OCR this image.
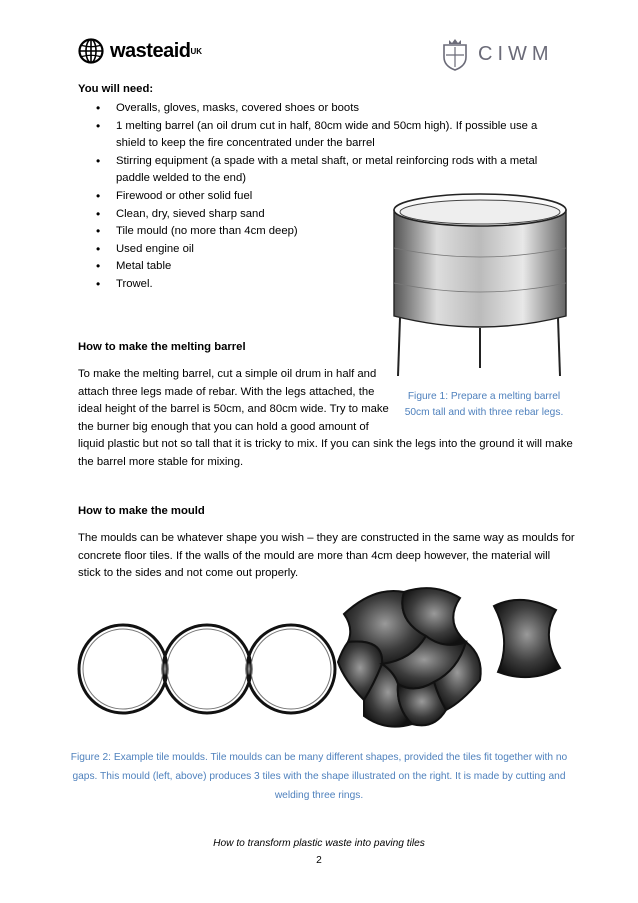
wasteaid UK	CIWM
You will need:
• Overalls, gloves, masks, covered shoes or boots
• 1 melting barrel (an oil drum cut in half, 80cm wide and 50cm high). If possible use a shield to keep the fire concentrated under the barrel
• Stirring equipment (a spade with a metal shaft, or metal reinforcing rods with a metal paddle welded to the end)
• Firewood or other solid fuel
• Clean, dry, sieved sharp sand
• Tile mould (no more than 4cm deep)
• Used engine oil
• Metal table
• Trowel.
Figure 1: Prepare a melting barrel 50cm tall and with three rebar legs.
How to make the melting barrel
To make the melting barrel, cut a simple oil drum in half and
attach three legs made of rebar. With the legs attached, the
ideal height of the barrel is 50cm, and 80cm wide. Try to make
the burner big enough that you can hold a good amount of
liquid plastic but not so tall that it is tricky to mix. If you can sink the legs into the ground it will make
the barrel more stable for mixing.
How to make the mould
The moulds can be whatever shape you wish – they are constructed in the same way as moulds for
concrete floor tiles. If the walls of the mould are more than 4cm deep however, the material will
stick to the sides and not come out properly.
Figure 2: Example tile moulds. Tile moulds can be many different shapes, provided the tiles fit together with no gaps. This mould (left, above) produces 3 tiles with the shape illustrated on the right. It is made by cutting and welding three rings.
How to transform plastic waste into paving tiles
2
